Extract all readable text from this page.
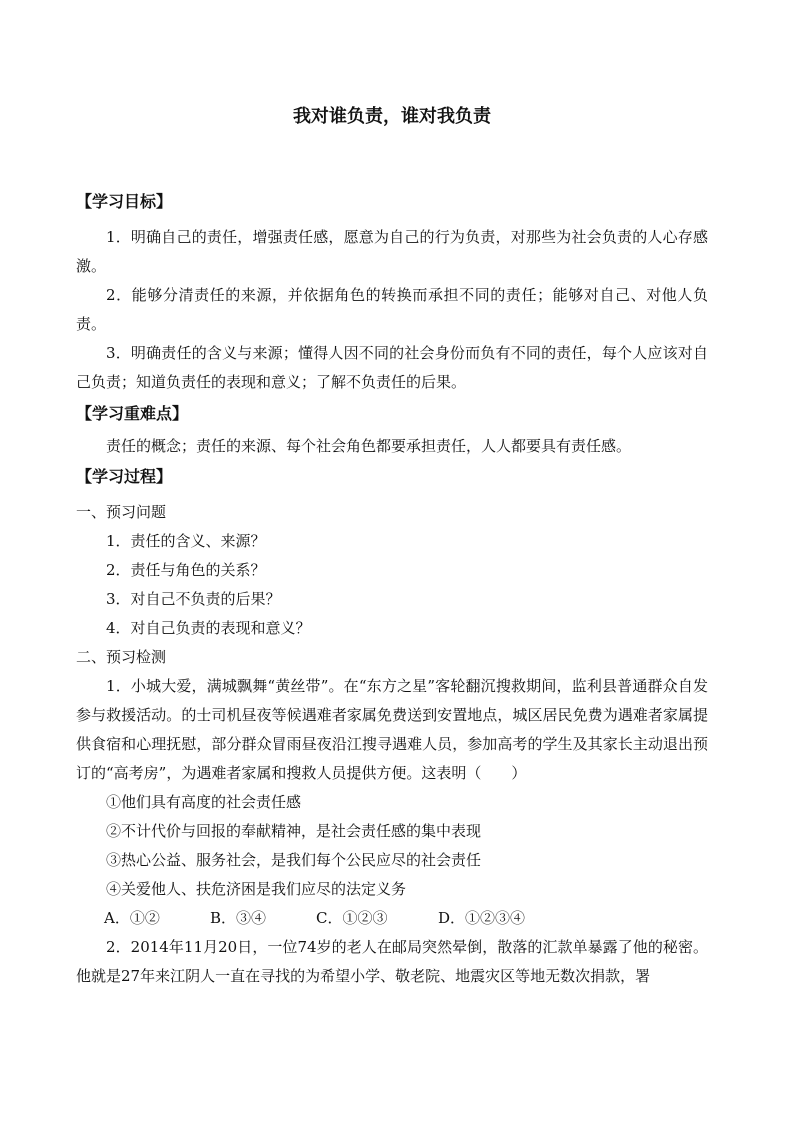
我对谁负责，谁对我负责

【学习目标】

1．明确自己的责任，增强责任感，愿意为自己的行为负责，对那些为社会负责的人心存感激。

2．能够分清责任的来源，并依据角色的转换而承担不同的责任；能够对自己、对他人负责。

3．明确责任的含义与来源；懂得人因不同的社会身份而负有不同的责任，每个人应该对自己负责；知道负责任的表现和意义；了解不负责任的后果。

【学习重难点】

责任的概念；责任的来源、每个社会角色都要承担责任，人人都要具有责任感。

【学习过程】

一、预习问题

1．责任的含义、来源？

2．责任与角色的关系？

3．对自己不负责的后果？

4．对自己负责的表现和意义？

二、预习检测

1．小城大爱，满城飘舞“黄丝带”。在“东方之星”客轮翻沉搜救期间，监利县普通群众自发参与救援活动。的士司机昼夜等候遇难者家属免费送到安置地点，城区居民免费为遇难者家属提供食宿和心理抚慰，部分群众冒雨昼夜沿江搜寻遇难人员，参加高考的学生及其家长主动退出预订的“高考房”，为遇难者家属和搜救人员提供方便。这表明（　　）

①他们具有高度的社会责任感

②不计代价与回报的奉献精神，是社会责任感的集中表现

③热心公益、服务社会，是我们每个公民应尽的社会责任

④关爱他人、扶危济困是我们应尽的法定义务

A．①②	B．③④	C．①②③	D．①②③④

2．2014年11月20日，一位74岁的老人在邮局突然晕倒，散落的汇款单暴露了他的秘密。他就是27年来江阴人一直在寻找的为希望小学、敬老院、地震灾区等地无数次捐款，署
